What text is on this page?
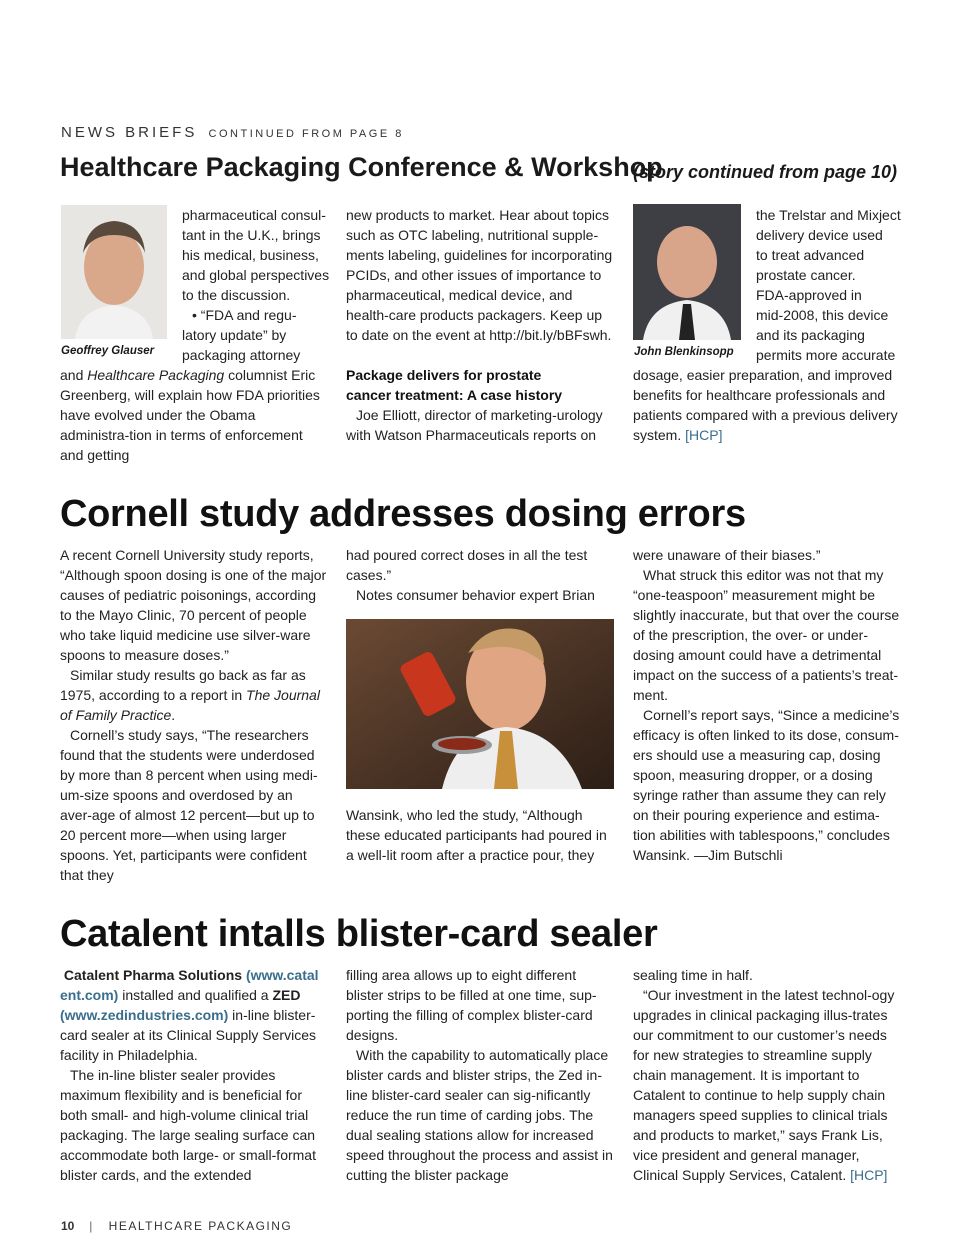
NEWS BRIEFS CONTINUED FROM PAGE 8
Healthcare Packaging Conference & Workshop
(story continued from page 10)
Geoffrey Glauser

pharmaceutical consul-

tant in the U.K., brings

his medical, business,

and global perspectives

to the discussion.

• “FDA and regu-

latory update” by

packaging attorney

and Healthcare Packaging columnist Eric Greenberg, will explain how FDA priorities have evolved under the Obama administra-tion in terms of enforcement and getting

new products to market. Hear about topics such as OTC labeling, nutritional supple-ments labeling, guidelines for incorporating PCIDs, and other issues of importance to pharmaceutical, medical device, and health-care products packagers. Keep up to date on the event at http://bit.ly/bBFswh.

Package delivers for prostate

cancer treatment: A case history

Joe Elliott, director of marketing-urology with Watson Pharmaceuticals reports on

John Blenkinsopp

the Trelstar and Mixject

delivery device used

to treat advanced

prostate cancer.

FDA-approved in

mid-2008, this device

and its packaging

permits more accurate

dosage, easier preparation, and improved benefits for healthcare professionals and patients compared with a previous delivery system. [HCP]

Cornell study addresses dosing errors

A recent Cornell University study reports, “Although spoon dosing is one of the major causes of pediatric poisonings, according to the Mayo Clinic, 70 percent of people who take liquid medicine use silver-ware spoons to measure doses.”

Similar study results go back as far as 1975, according to a report in The Journal of Family Practice.

Cornell’s study says, “The researchers found that the students were underdosed by more than 8 percent when using medi-um-size spoons and overdosed by an aver-age of almost 12 percent—but up to 20 percent more—when using larger spoons. Yet, participants were confident that they

had poured correct doses in all the test cases.”

Notes consumer behavior expert Brian

Wansink, who led the study, “Although these educated participants had poured in a well-lit room after a practice pour, they

were unaware of their biases.”

What struck this editor was not that my “one-teaspoon” measurement might be slightly inaccurate, but that over the course of the prescription, the over- or under-dosing amount could have a detrimental impact on the success of a patients’s treat-ment.

Cornell’s report says, “Since a medicine’s efficacy is often linked to its dose, consum-ers should use a measuring cap, dosing spoon, measuring dropper, or a dosing syringe rather than assume they can rely on their pouring experience and estima-tion abilities with tablespoons,” concludes Wansink. —Jim Butschli

Catalent intalls blister-card sealer

Catalent Pharma Solutions (www.catal ent.com) installed and qualified a ZED (www.zedindustries.com) in-line blister-card sealer at its Clinical Supply Services facility in Philadelphia.

The in-line blister sealer provides maximum flexibility and is beneficial for both small- and high-volume clinical trial packaging. The large sealing surface can accommodate both large- or small-format blister cards, and the extended

filling area allows up to eight different blister strips to be filled at one time, sup-porting the filling of complex blister-card designs.

With the capability to automatically place blister cards and blister strips, the Zed in-line blister-card sealer can sig-nificantly reduce the run time of carding jobs. The dual sealing stations allow for increased speed throughout the process and assist in cutting the blister package

sealing time in half.

“Our investment in the latest technol-ogy upgrades in clinical packaging illus-trates our commitment to our customer’s needs for new strategies to streamline supply chain management. It is important to Catalent to continue to help supply chain managers speed supplies to clinical trials and products to market,” says Frank Lis, vice president and general manager, Clinical Supply Services, Catalent. [HCP]

10 | HEALTHCARE PACKAGING
